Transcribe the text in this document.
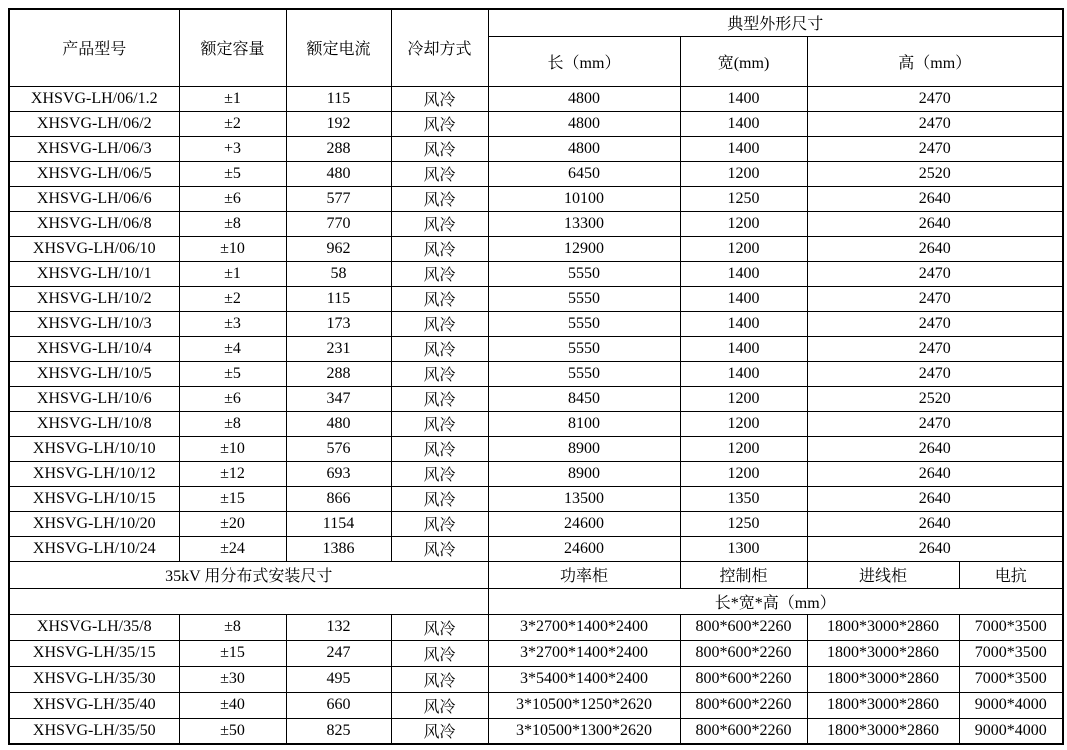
产品型号	额定容量	额定电流	冷却方式	典型外形尺寸			
				长（mm）	宽(mm)	高（mm）	
XHSVG-LH/06/1.2	±1	115	风冷	4800	1400	2470	
XHSVG-LH/06/2	±2	192	风冷	4800	1400	2470	
XHSVG-LH/06/3	+3	288	风冷	4800	1400	2470	
XHSVG-LH/06/5	±5	480	风冷	6450	1200	2520	
XHSVG-LH/06/6	±6	577	风冷	10100	1250	2640	
XHSVG-LH/06/8	±8	770	风冷	13300	1200	2640	
XHSVG-LH/06/10	±10	962	风冷	12900	1200	2640	
XHSVG-LH/10/1	±1	58	风冷	5550	1400	2470	
XHSVG-LH/10/2	±2	115	风冷	5550	1400	2470	
XHSVG-LH/10/3	±3	173	风冷	5550	1400	2470	
XHSVG-LH/10/4	±4	231	风冷	5550	1400	2470	
XHSVG-LH/10/5	±5	288	风冷	5550	1400	2470	
XHSVG-LH/10/6	±6	347	风冷	8450	1200	2520	
XHSVG-LH/10/8	±8	480	风冷	8100	1200	2470	
XHSVG-LH/10/10	±10	576	风冷	8900	1200	2640	
XHSVG-LH/10/12	±12	693	风冷	8900	1200	2640	
XHSVG-LH/10/15	±15	866	风冷	13500	1350	2640	
XHSVG-LH/10/20	±20	1154	风冷	24600	1250	2640	
XHSVG-LH/10/24	±24	1386	风冷	24600	1300	2640	
35kV 用分布式安装尺寸				功率柜	控制柜	进线柜	电抗
				长*宽*高（mm）			
XHSVG-LH/35/8	±8	132	风冷	3*2700*1400*2400	800*600*2260	1800*3000*2860	7000*3500
XHSVG-LH/35/15	±15	247	风冷	3*2700*1400*2400	800*600*2260	1800*3000*2860	7000*3500
XHSVG-LH/35/30	±30	495	风冷	3*5400*1400*2400	800*600*2260	1800*3000*2860	7000*3500
XHSVG-LH/35/40	±40	660	风冷	3*10500*1250*2620	800*600*2260	1800*3000*2860	9000*4000
XHSVG-LH/35/50	±50	825	风冷	3*10500*1300*2620	800*600*2260	1800*3000*2860	9000*4000
